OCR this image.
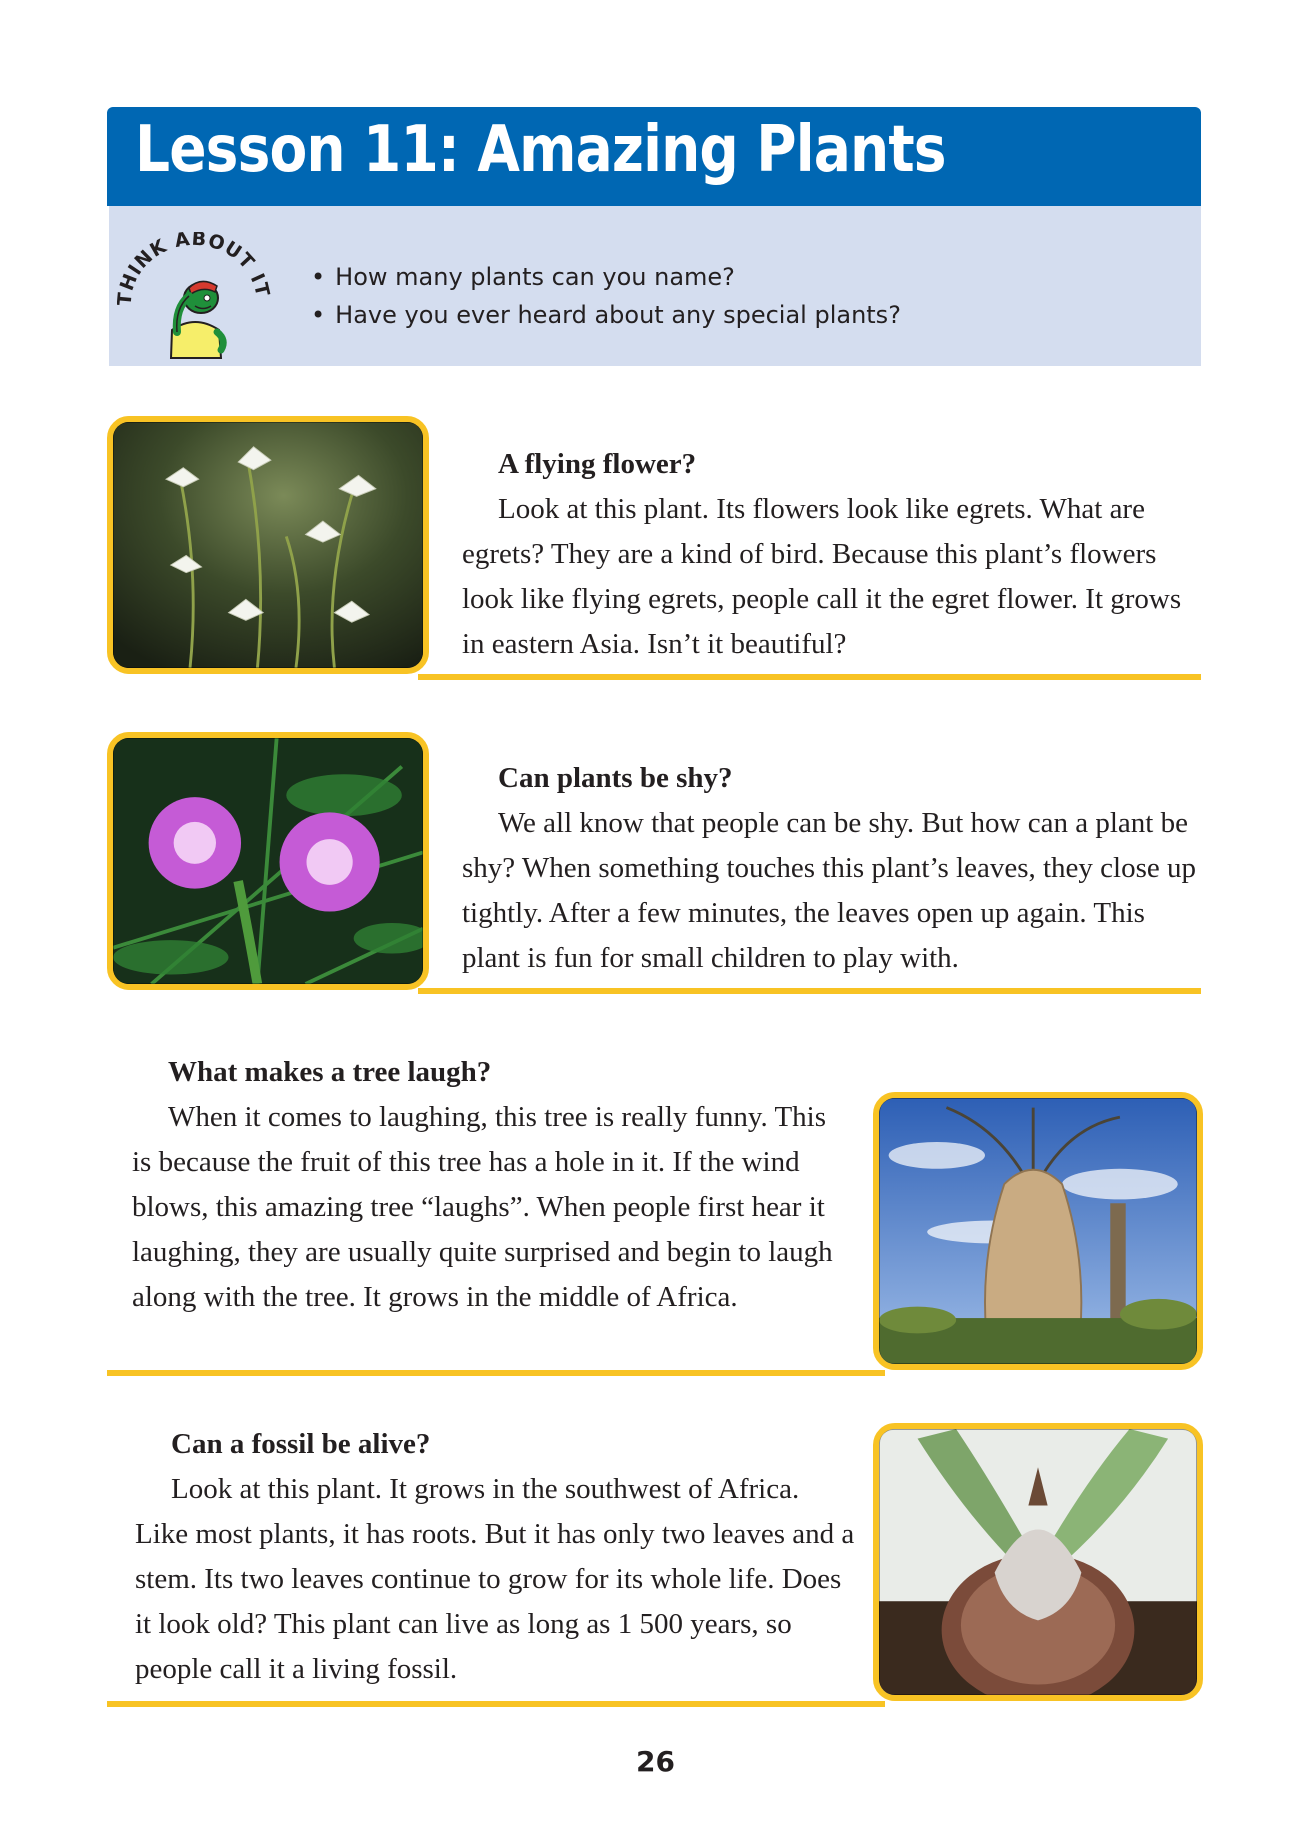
Lesson 11: Amazing Plants
HINK ABOUT IT
•	How many plants can you name?
• Have you ever heard about any special plants?
A flying flower?

Look at this plant. Its flowers look like egrets. What are egrets? They are a kind of bird. Because this plant’s flowers look like flying egrets, people call it the egret flower. It grows in eastern Asia. Isn’t it beautiful?

Can plants be shy?

We all know that people can be shy. But how can a plant be shy? When something touches this plant’s leaves, they close up tightly. After a few minutes, the leaves open up again. This plant is fun for small children to play with.

What makes a tree laugh?

When it comes to laughing, this tree is really funny. This is because the fruit of this tree has a hole in it. If the wind blows, this amazing tree “laughs”. When people first hear it laughing, they are usually quite surprised and begin to laugh along with the tree. It grows in the middle of Africa.

Can a fossil be alive?

Look at this plant. It grows in the southwest of Africa. Like most plants, it has roots. But it has only two leaves and a stem. Its two leaves continue to grow for its whole life. Does it look old? This plant can live as long as 1 500 years, so people call it a living fossil.

26
